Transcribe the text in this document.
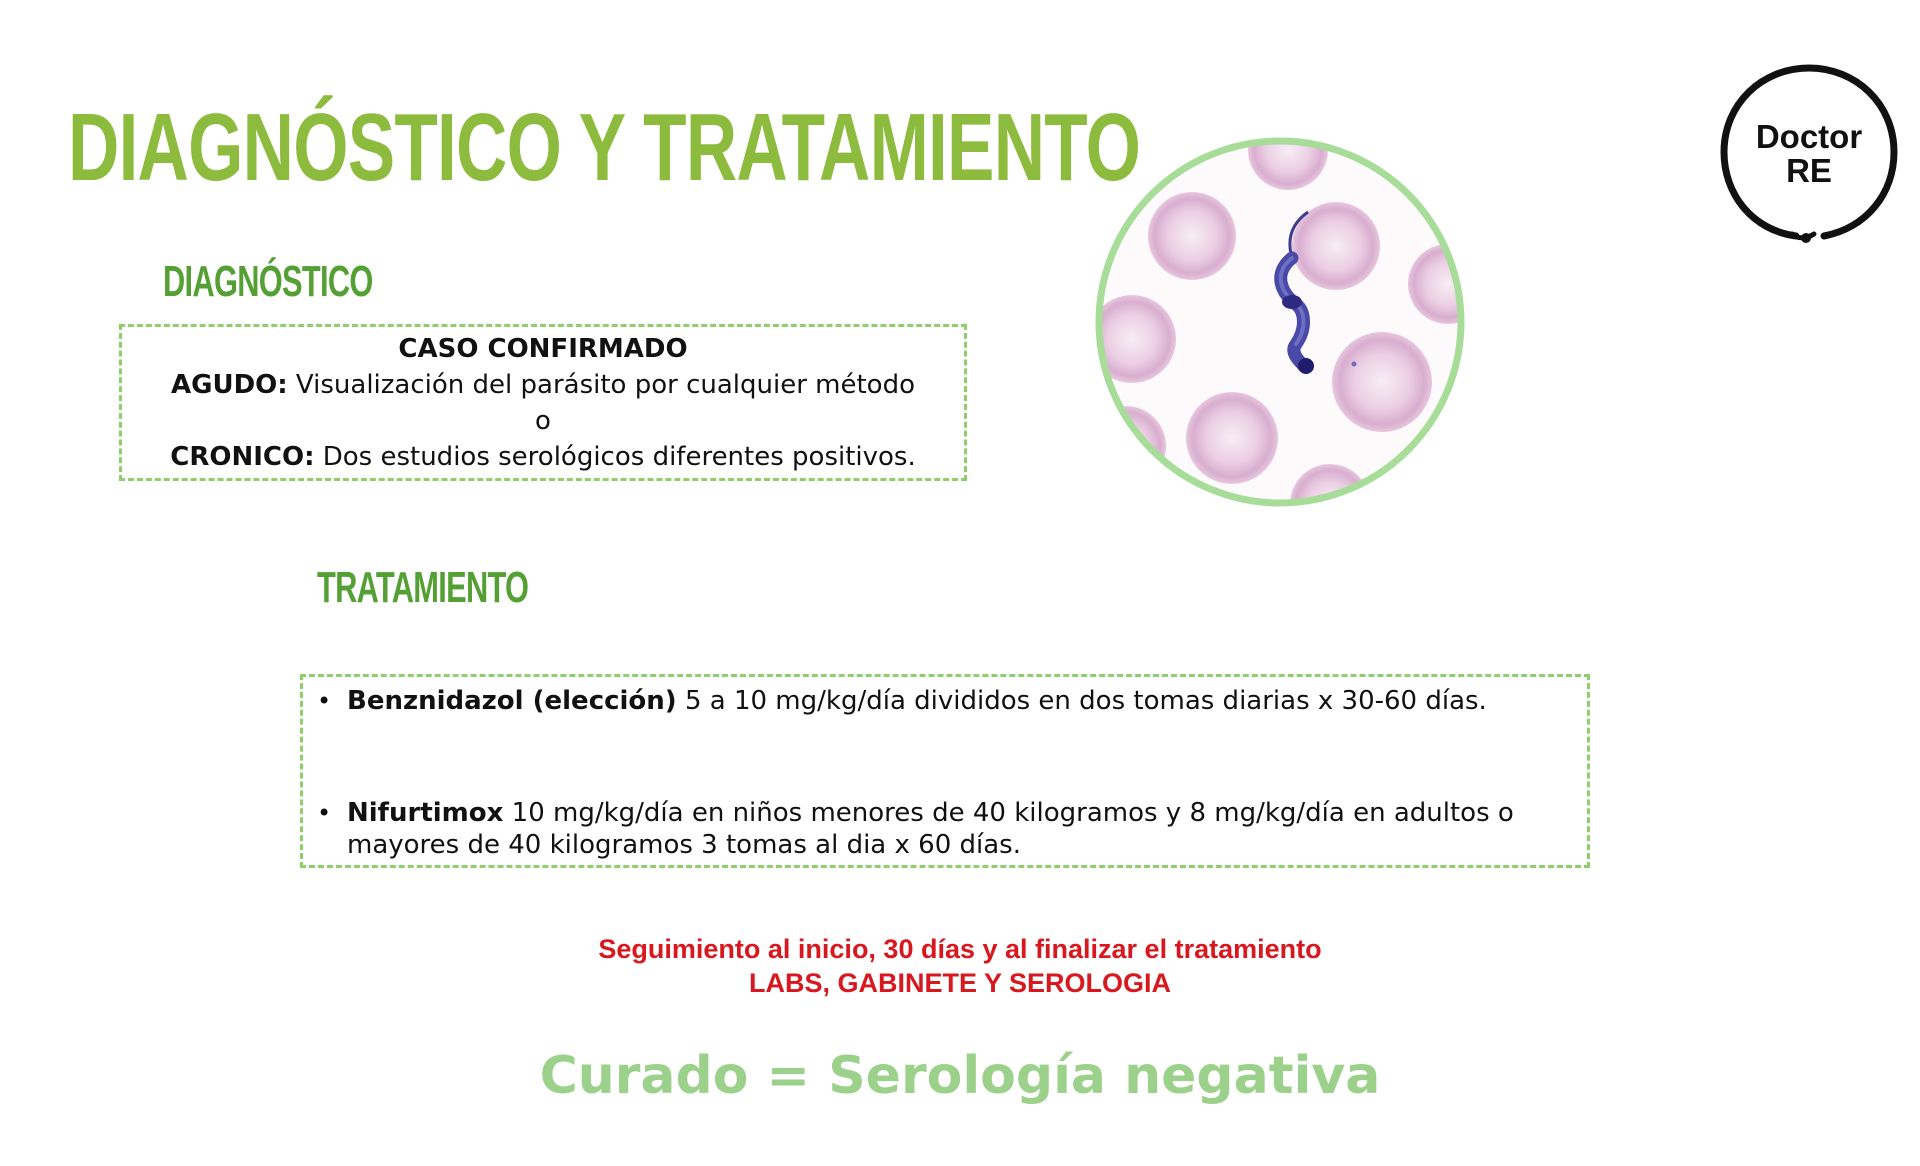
DIAGNÓSTICO Y TRATAMIENTO
DIAGNÓSTICO
CASO CONFIRMADO
AGUDO: Visualización del parásito por cualquier método
o
CRONICO: Dos estudios serológicos diferentes positivos.
TRATAMIENTO
• Benznidazol (elección) 5 a 10 mg/kg/día divididos en dos tomas diarias x 30-60 días.
• Nifurtimox 10 mg/kg/día en niños menores de 40 kilogramos y 8 mg/kg/día en adultos o mayores de 40 kilogramos 3 tomas al dia x 60 días.
Seguimiento al inicio, 30 días y al finalizar el tratamiento
LABS, GABINETE Y SEROLOGIA
Curado = Serología negativa
Doctor
RE
